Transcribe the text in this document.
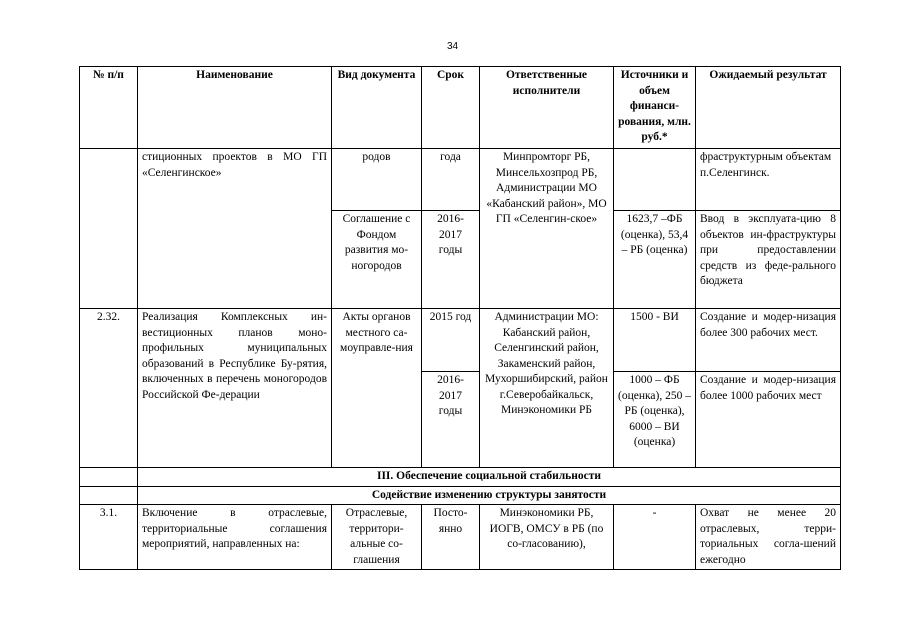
34
№ п/п	Наименование	Вид документа	Срок	Ответственные исполнители	Источники и объем финанси-рования, млн. руб.*	Ожидаемый результат
	стиционных проектов в МО ГП «Селенгинское»	родов	года	Минпромторг РБ, Минсельхозпрод РБ, Администрации МО «Кабанский район», МО ГП «Селенгин-ское»		фраструктурным объектам п.Селенгинск.
		Соглашение с Фондом развития мо-ногородов	2016-2017 годы		1623,7 –ФБ (оценка), 53,4 – РБ (оценка)	Ввод в эксплуата-цию 8 объектов ин-фраструктуры при предоставлении средств из феде-рального бюджета
2.32.	Реализация Комплексных ин-вестиционных планов моно-профильных муниципальных образований в Республике Бу-рятия, включенных в перечень моногородов Российской Фе-дерации	Акты органов местного са-моуправле-ния	2015 год	Администрации МО: Кабанский район, Селенгинский район, Закаменский район, Мухоршибирский, район г.Северобайкальск, Минэкономики РБ	1500 - ВИ	Создание и модер-низация более 300 рабочих мест.
			2016-2017 годы		1000 – ФБ (оценка), 250 – РБ (оценка), 6000 – ВИ (оценка)	Создание и модер-низация более 1000 рабочих мест
	III. Обеспечение социальной стабильности					
	Содействие изменению структуры занятости					
3.1.	Включение в отраслевые, территориальные соглашения мероприятий, направленных на:	Отраслевые, территори-альные со-глашения	Посто-янно	Минэкономики РБ, ИОГВ, ОМСУ в РБ (по со-гласованию),	-	Охват не менее 20 отраслевых, терри-ториальных согла-шений ежегодно
